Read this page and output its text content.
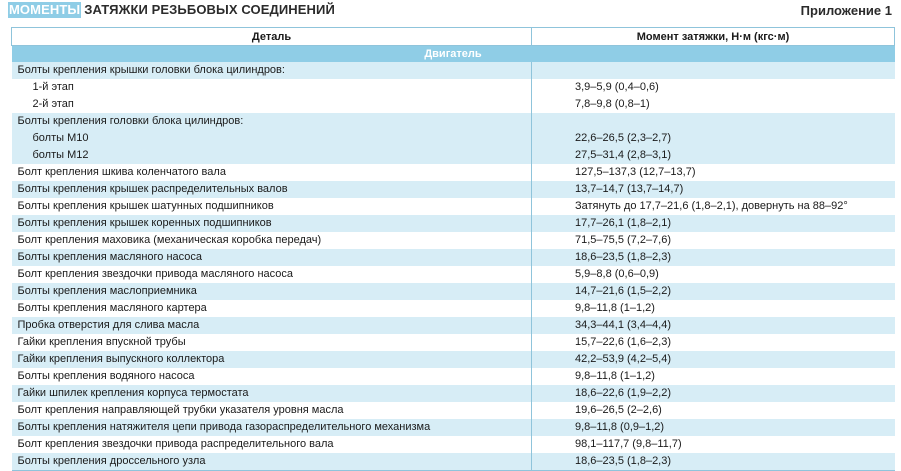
МОМЕНТЫ ЗАТЯЖКИ РЕЗЬБОВЫХ СОЕДИНЕНИЙ	Приложение 1
Деталь	Момент затяжки, Н·м (кгс·м)
Двигатель	
Болты крепления крышки головки блока цилиндров:	
1-й этап	3,9–5,9 (0,4–0,6)
2-й этап	7,8–9,8 (0,8–1)
Болты крепления головки блока цилиндров:	
болты М10	22,6–26,5 (2,3–2,7)
болты М12	27,5–31,4 (2,8–3,1)
Болт крепления шкива коленчатого вала	127,5–137,3 (12,7–13,7)
Болты крепления крышек распределительных валов	13,7–14,7 (13,7–14,7)
Болты крепления крышек шатунных подшипников	Затянуть до 17,7–21,6 (1,8–2,1), довернуть на 88–92°
Болты крепления крышек коренных подшипников	17,7–26,1 (1,8–2,1)
Болт крепления маховика (механическая коробка передач)	71,5–75,5 (7,2–7,6)
Болты крепления масляного насоса	18,6–23,5 (1,8–2,3)
Болт крепления звездочки привода масляного насоса	5,9–8,8 (0,6–0,9)
Болты крепления маслоприемника	14,7–21,6 (1,5–2,2)
Болты крепления масляного картера	9,8–11,8 (1–1,2)
Пробка отверстия для слива масла	34,3–44,1 (3,4–4,4)
Гайки крепления впускной трубы	15,7–22,6 (1,6–2,3)
Гайки крепления выпускного коллектора	42,2–53,9 (4,2–5,4)
Болты крепления водяного насоса	9,8–11,8 (1–1,2)
Гайки шпилек крепления корпуса термостата	18,6–22,6 (1,9–2,2)
Болт крепления направляющей трубки указателя уровня масла	19,6–26,5 (2–2,6)
Болты крепления натяжителя цепи привода газораспределительного механизма	9,8–11,8 (0,9–1,2)
Болт крепления звездочки привода распределительного вала	98,1–117,7 (9,8–11,7)
Болты крепления дроссельного узла	18,6–23,5 (1,8–2,3)
